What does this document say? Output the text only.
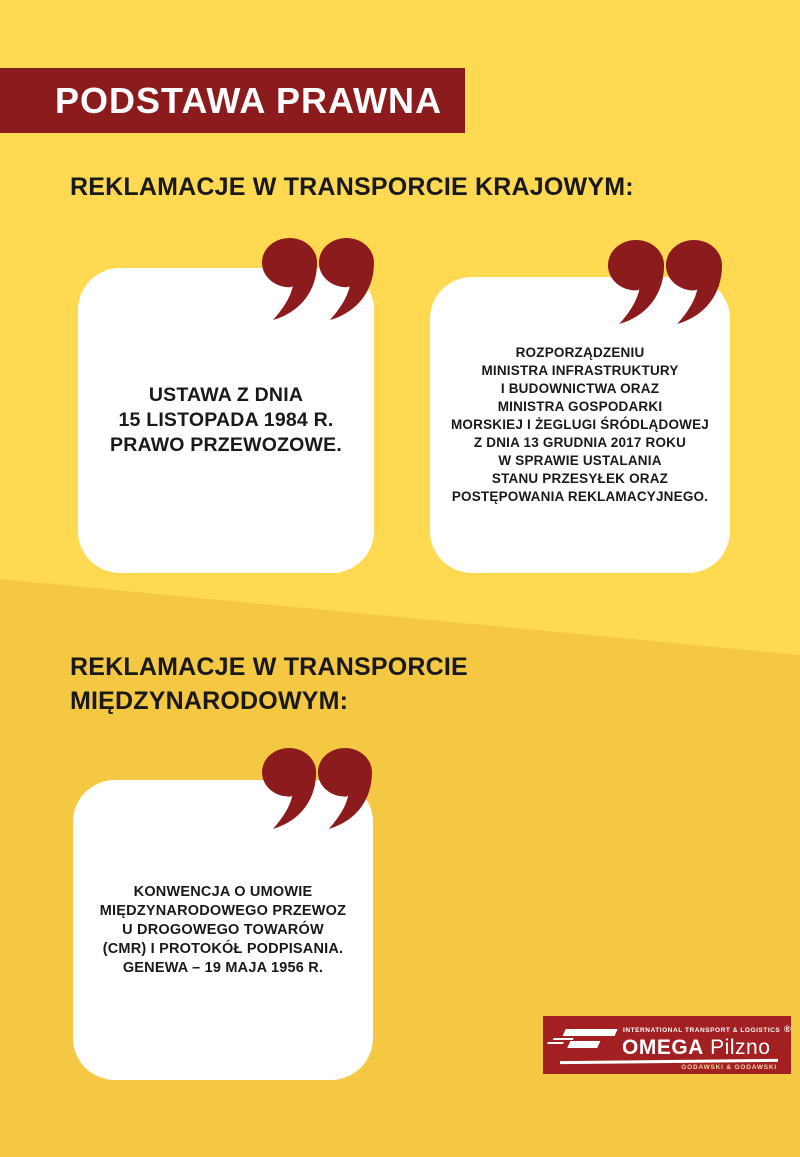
PODSTAWA PRAWNA
REKLAMACJE W TRANSPORCIE KRAJOWYM:

USTAWA Z DNIA
15 LISTOPADA 1984 R.
PRAWO PRZEWOZOWE.

ROZPORZĄDZENIU
MINISTRA INFRASTRUKTURY
I BUDOWNICTWA ORAZ
MINISTRA GOSPODARKI
MORSKIEJ I ŻEGLUGI ŚRÓDLĄDOWEJ
Z DNIA 13 GRUDNIA 2017 ROKU
W SPRAWIE USTALANIA
STANU PRZESYŁEK ORAZ
POSTĘPOWANIA REKLAMACYJNEGO.

REKLAMACJE W TRANSPORCIE
MIĘDZYNARODOWYM:

KONWENCJA O UMOWIE
MIĘDZYNARODOWEGO PRZEWOZ
U DROGOWEGO TOWARÓW
(CMR) I PROTOKÓŁ PODPISANIA.
GENEWA – 19 MAJA 1956 R.

INTERNATIONAL TRANSPORT & LOGISTICS
OMEGA Pilzno
GODAWSKI & GODAWSKI
®
